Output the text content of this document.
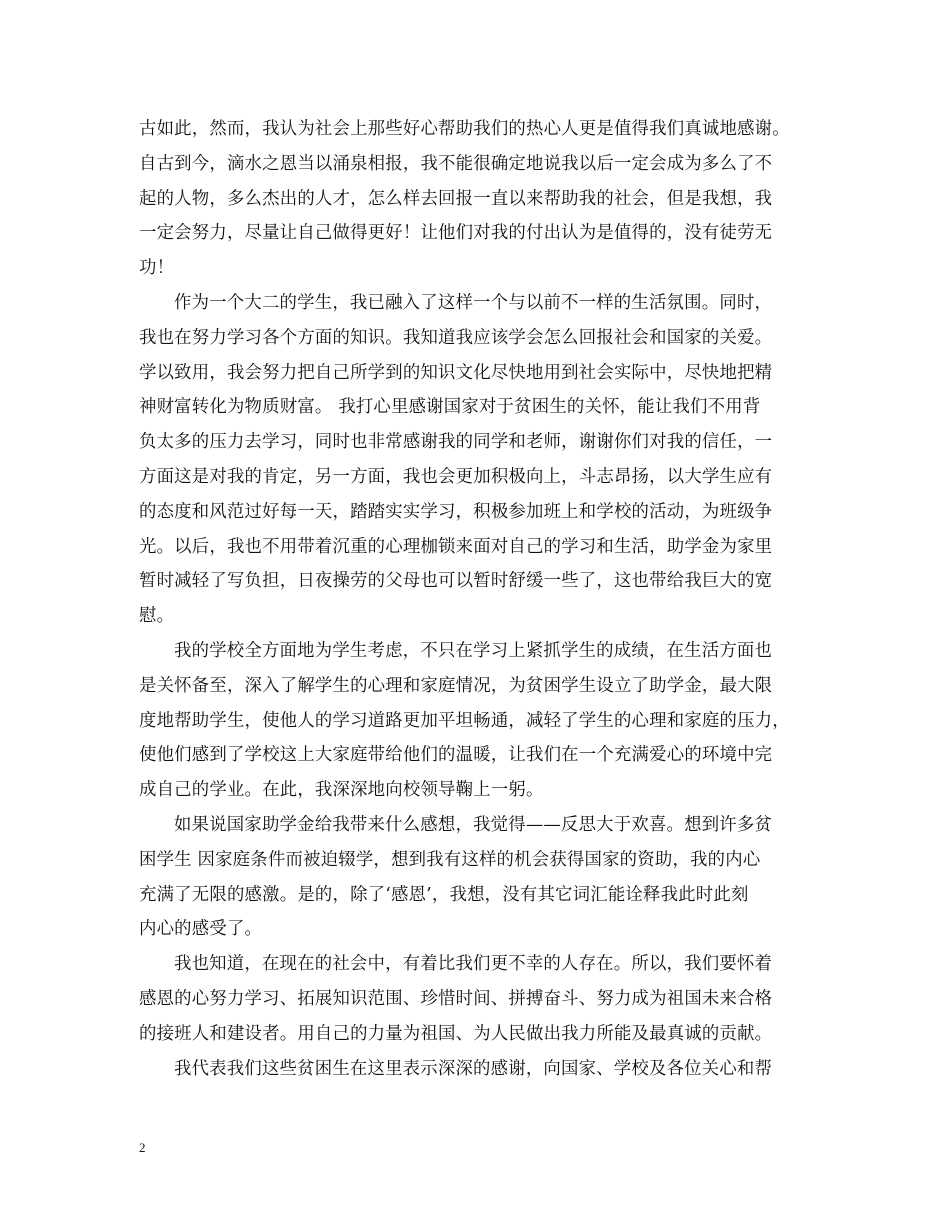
古如此，然而，我认为社会上那些好心帮助我们的热心人更是值得我们真诚地感谢。
自古到今，滴水之恩当以涌泉相报，我不能很确定地说我以后一定会成为多么了不
起的人物，多么杰出的人才，怎么样去回报一直以来帮助我的社会，但是我想，我
一定会努力，尽量让自己做得更好！让他们对我的付出认为是值得的，没有徒劳无
功！
作为一个大二的学生，我已融入了这样一个与以前不一样的生活氛围。同时，
我也在努力学习各个方面的知识。我知道我应该学会怎么回报社会和国家的关爱。
学以致用，我会努力把自己所学到的知识文化尽快地用到社会实际中，尽快地把精
神财富转化为物质财富。 我打心里感谢国家对于贫困生的关怀，能让我们不用背
负太多的压力去学习，同时也非常感谢我的同学和老师，谢谢你们对我的信任，一
方面这是对我的肯定，另一方面，我也会更加积极向上，斗志昂扬，以大学生应有
的态度和风范过好每一天，踏踏实实学习，积极参加班上和学校的活动，为班级争
光。以后，我也不用带着沉重的心理枷锁来面对自己的学习和生活，助学金为家里
暂时减轻了写负担，日夜操劳的父母也可以暂时舒缓一些了，这也带给我巨大的宽
慰。
我的学校全方面地为学生考虑，不只在学习上紧抓学生的成绩，在生活方面也
是关怀备至，深入了解学生的心理和家庭情况，为贫困学生设立了助学金，最大限
度地帮助学生，使他人的学习道路更加平坦畅通，减轻了学生的心理和家庭的压力，
使他们感到了学校这上大家庭带给他们的温暖，让我们在一个充满爱心的环境中完
成自己的学业。在此，我深深地向校领导鞠上一躬。
如果说国家助学金给我带来什么感想，我觉得——反思大于欢喜。想到许多贫
困学生 因家庭条件而被迫辍学，想到我有这样的机会获得国家的资助，我的内心
充满了无限的感激。是的，除了‘感恩’，我想，没有其它词汇能诠释我此时此刻
内心的感受了。
我也知道，在现在的社会中，有着比我们更不幸的人存在。所以，我们要怀着
感恩的心努力学习、拓展知识范围、珍惜时间、拼搏奋斗、努力成为祖国未来合格
的接班人和建设者。用自己的力量为祖国、为人民做出我力所能及最真诚的贡献。
我代表我们这些贫困生在这里表示深深的感谢，向国家、学校及各位关心和帮
2
